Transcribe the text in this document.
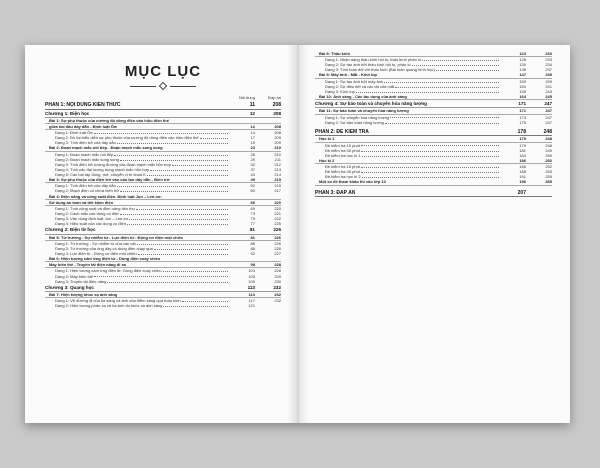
MỤC LỤC
Nội dung	Đáp án
PHẦN 1: NỘI DUNG KIẾN THỨC	11	208
Chương 1: Điện học	12	208
Bài 1: Sự phụ thuộc của cường độ dòng điện vào hiệu điện thế
giữa hai đầu dây dẫn - Định luật Ôm	12	208
Dạng 1: Định luật Ôm	14	208
Dạng 2: Đồ thị biểu diễn sự phụ thuộc của cường độ dòng điện vào hiệu điện thế	17	209
Dạng 3: Tính điện trở của dây dẫn	19	209
Bài 2: Đoạn mạch mắc nối tiếp - Đoạn mạch mắc song song	23	210
Dạng 1: Đoạn mạch mắc nối tiếp	26	210
Dạng 2: Đoạn mạch mắc song song	29	211
Dạng 3: Tính điện trở tương đương của đoạn mạch mắc hỗn hợp	32	212
Dạng 4: Tính các đại lượng trong mạch mắc hỗn hợp	37	213
Dạng 5: Các bài tập đóng, mở, chuyển vị trí khóa K	43	214
Bài 3: Sự phụ thuộc của điện trở vào cấu tạo dây dẫn - Biến trở	49	215
Dạng 1: Tính điện trở của dây dẫn	52	215
Dạng 2: Mạch điện có chứa biến trở	60	217
Bài 4: Điện năng và công suất điện. Định luật Jun – Len-xơ.
Sử dụng an toàn và tiết kiệm điện	66	220
Dạng 1: Tính công suất và điện năng tiêu thụ	69	220
Dạng 2: Cách mắc các dụng cụ điện	73	221
Dạng 3: Vận dụng định luật Jun – Len-xơ	75	222
Dạng 4: Hiệu suất của các dụng cụ điện	77	225
Chương 2: Điện từ học	81	226
Bài 5: Từ trường - Sự nhiễm từ - Lực điện từ - Động cơ điện một chiều	81	226
Dạng 1: Từ trường - Sự nhiễm từ của các vật	86	226
Dạng 2: Từ trường của ống dây có dòng điện chạy qua	88	226
Dạng 3: Lực điện từ - Động cơ điện một chiều	92	227
Bài 6: Hiện tượng cảm ứng điện từ - Dòng điện xoay chiều
Máy biến thế - Truyền tải điện năng đi xa	98	228
Dạng 1: Hiện tượng cảm ứng điện từ. Dòng điện xoay chiều	103	228
Dạng 2: Máy biến thế	105	229
Dạng 3: Truyền tải điện năng	109	230
Chương 3: Quang học	113	232
Bài 7: Hiện tượng khúc xạ ánh sáng	113	232
Dạng 1: Vẽ đường đi của tia sáng và ảnh của điểm sáng qua thấu kính	117	232
Dạng 2: Hiện tượng phản xạ và hạ ảnh do khúc xạ ánh sáng	121
Bài 8: Thấu kính	123	233
Dạng 1: Nhận dạng thấu kính hội tụ, thấu kính phân kì	126	233
Dạng 2: Sự tạo ảnh bởi thấu kính hội tụ, phân kì	130	234
Dạng 3: Tính toán đối với thấu kính (Bài toán quang hình học)	136	237
Bài 9: Máy ảnh - Mắt - Kính lúp	147	239
Dạng 1: Sự tạo ảnh bởi máy ảnh	150	239
Dạng 2: Sự điều tiết và các tật của mắt	154	241
Dạng 3: Kính lúp	159	243
Bài 10: Ánh sáng - Các tác dụng của ánh sáng	164	245
Chương 4: Sự bảo toàn và chuyển hóa năng lượng	171	247
Bài 11: Sự bảo toàn và chuyển hóa năng lượng	171	247
Dạng 1: Sự chuyển hóa năng lượng	173	247
Dạng 2: Sự bảo toàn năng lượng	175	247
PHẦN 2: ĐỀ KIỂM TRA	178	248
Học kì 1	179	248
Đề kiểm tra 15 phút	179	248
Đề kiểm tra 45 phút	181	249
Đề kiểm tra học kì 1	184	250
Học kì 2	186	252
Đề kiểm tra 15 phút	186	252
Đề kiểm tra 45 phút	188	253
Đề kiểm tra học kì 2	191	255
Một số đề tham khảo thi vào lớp 10	196	255
PHẦN 3: ĐÁP ÁN	207
